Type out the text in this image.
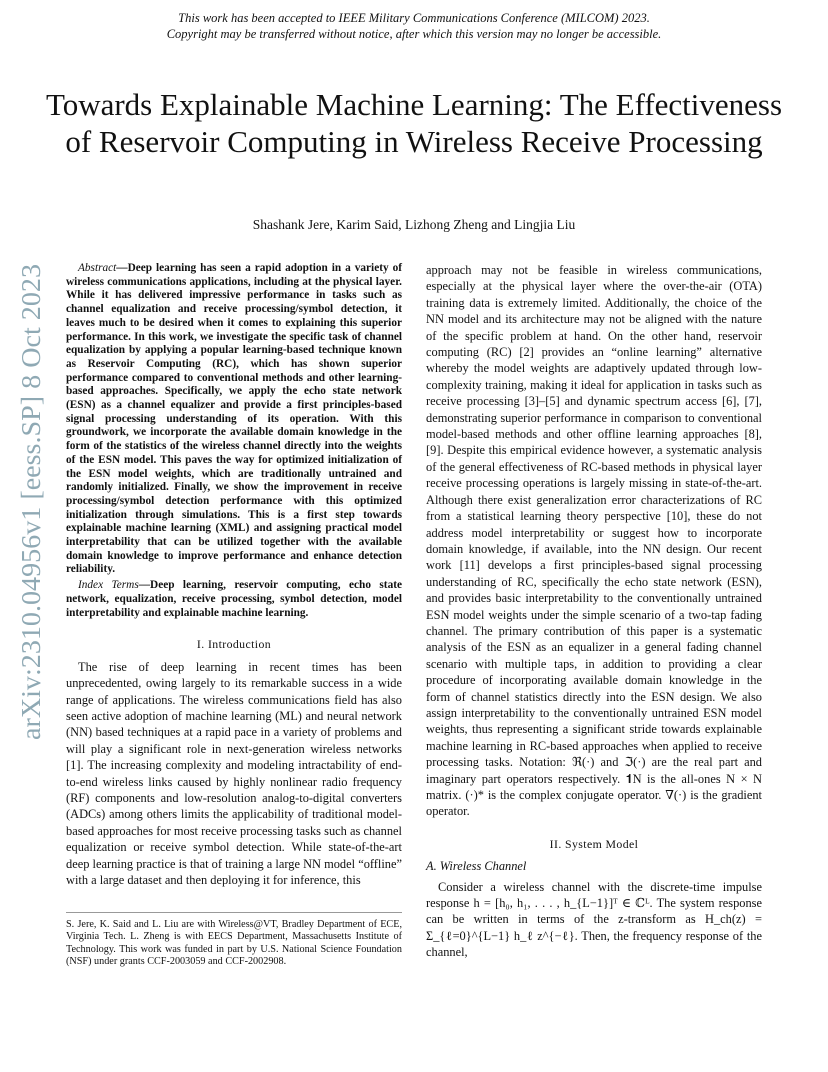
This work has been accepted to IEEE Military Communications Conference (MILCOM) 2023.
Copyright may be transferred without notice, after which this version may no longer be accessible.
Towards Explainable Machine Learning: The Effectiveness of Reservoir Computing in Wireless Receive Processing
Shashank Jere, Karim Said, Lizhong Zheng and Lingjia Liu
arXiv:2310.04956v1 [eess.SP] 8 Oct 2023

Abstract—Deep learning has seen a rapid adoption in a variety of wireless communications applications, including at the physical layer. While it has delivered impressive performance in tasks such as channel equalization and receive processing/symbol detection, it leaves much to be desired when it comes to explaining this superior performance. In this work, we investigate the specific task of channel equalization by applying a popular learning-based technique known as Reservoir Computing (RC), which has shown superior performance compared to conventional methods and other learning-based approaches. Specifically, we apply the echo state network (ESN) as a channel equalizer and provide a first principles-based signal processing understanding of its operation. With this groundwork, we incorporate the available domain knowledge in the form of the statistics of the wireless channel directly into the weights of the ESN model. This paves the way for optimized initialization of the ESN model weights, which are traditionally untrained and randomly initialized. Finally, we show the improvement in receive processing/symbol detection performance with this optimized initialization through simulations. This is a first step towards explainable machine learning (XML) and assigning practical model interpretability that can be utilized together with the available domain knowledge to improve performance and enhance detection reliability.

Index Terms—Deep learning, reservoir computing, echo state network, equalization, receive processing, symbol detection, model interpretability and explainable machine learning.

I. Introduction

The rise of deep learning in recent times has been unprecedented, owing largely to its remarkable success in a wide range of applications. The wireless communications field has also seen active adoption of machine learning (ML) and neural network (NN) based techniques at a rapid pace in a variety of problems and will play a significant role in next-generation wireless networks [1]. The increasing complexity and modeling intractability of end-to-end wireless links caused by highly nonlinear radio frequency (RF) components and low-resolution analog-to-digital converters (ADCs) among others limits the applicability of traditional model-based approaches for most receive processing tasks such as channel equalization or receive symbol detection. While state-of-the-art deep learning practice is that of training a large NN model “offline” with a large dataset and then deploying it for inference, this

approach may not be feasible in wireless communications, especially at the physical layer where the over-the-air (OTA) training data is extremely limited. Additionally, the choice of the NN model and its architecture may not be aligned with the nature of the specific problem at hand. On the other hand, reservoir computing (RC) [2] provides an “online learning” alternative whereby the model weights are adaptively updated through low-complexity training, making it ideal for application in tasks such as receive processing [3]–[5] and dynamic spectrum access [6], [7], demonstrating superior performance in comparison to conventional model-based methods and other offline learning approaches [8], [9]. Despite this empirical evidence however, a systematic analysis of the general effectiveness of RC-based methods in physical layer receive processing operations is largely missing in state-of-the-art. Although there exist generalization error characterizations of RC from a statistical learning theory perspective [10], these do not address model interpretability or suggest how to incorporate domain knowledge, if available, into the NN design. Our recent work [11] develops a first principles-based signal processing understanding of RC, specifically the echo state network (ESN), and provides basic interpretability to the conventionally untrained ESN model weights under the simple scenario of a two-tap fading channel. The primary contribution of this paper is a systematic analysis of the ESN as an equalizer in a general fading channel scenario with multiple taps, in addition to providing a clear procedure of incorporating available domain knowledge in the form of channel statistics directly into the ESN design. We also assign interpretability to the conventionally untrained ESN model weights, thus representing a significant stride towards explainable machine learning in RC-based approaches when applied to receive processing tasks. Notation: ℜ(·) and ℑ(·) are the real part and imaginary part operators respectively. 𝟏N is the all-ones N × N matrix. (·)* is the complex conjugate operator. ∇(·) is the gradient operator.

II. System Model
A. Wireless Channel

Consider a wireless channel with the discrete-time impulse response h = [h₀, h₁, . . . , h_{L−1}]ᵀ ∈ ℂᴸ. The system response can be written in terms of the z-transform as H_ch(z) = Σ_{ℓ=0}^{L−1} h_ℓ z^{−ℓ}. Then, the frequency response of the channel,

S. Jere, K. Said and L. Liu are with Wireless@VT, Bradley Department of ECE, Virginia Tech. L. Zheng is with EECS Department, Massachusetts Institute of Technology. This work was funded in part by U.S. National Science Foundation (NSF) under grants CCF-2003059 and CCF-2002908.
